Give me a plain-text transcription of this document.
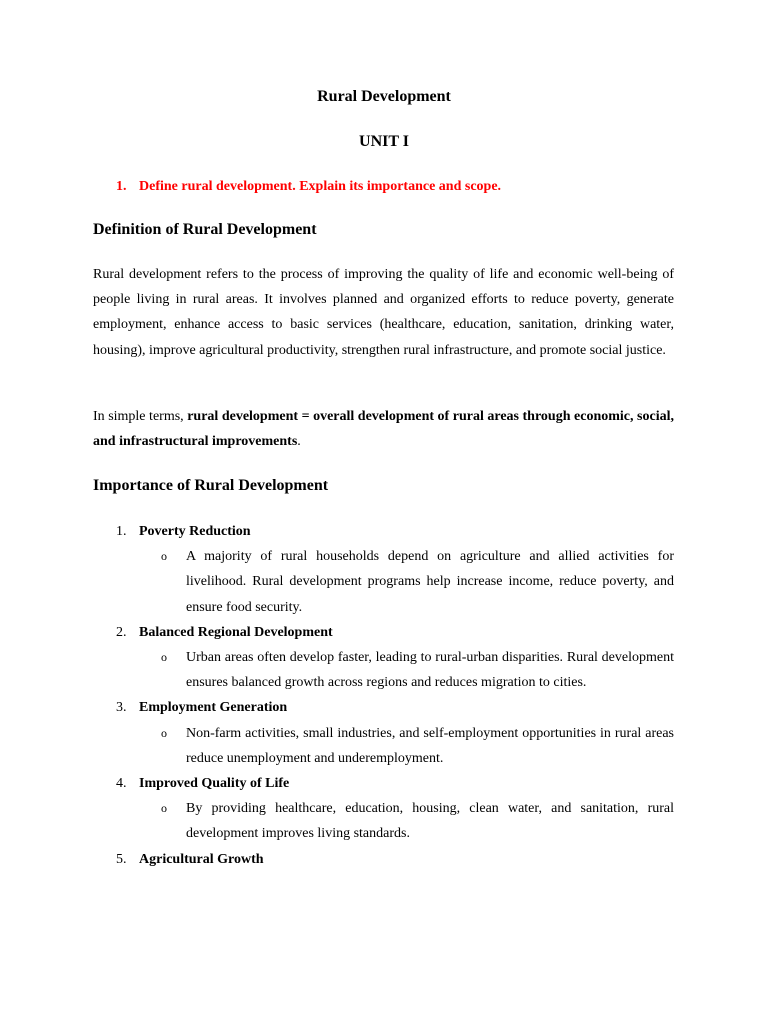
Rural Development

UNIT I

1. Define rural development. Explain its importance and scope.

Definition of Rural Development

Rural development refers to the process of improving the quality of life and economic well-being of people living in rural areas. It involves planned and organized efforts to reduce poverty, generate employment, enhance access to basic services (healthcare, education, sanitation, drinking water, housing), improve agricultural productivity, strengthen rural infrastructure, and promote social justice.

In simple terms, rural development = overall development of rural areas through economic, social, and infrastructural improvements.

Importance of Rural Development
1. Poverty Reduction
o A majority of rural households depend on agriculture and allied activities for livelihood. Rural development programs help increase income, reduce poverty, and ensure food security.
2. Balanced Regional Development
o Urban areas often develop faster, leading to rural-urban disparities. Rural development ensures balanced growth across regions and reduces migration to cities.
3. Employment Generation
o Non-farm activities, small industries, and self-employment opportunities in rural areas reduce unemployment and underemployment.
4. Improved Quality of Life
o By providing healthcare, education, housing, clean water, and sanitation, rural development improves living standards.
5. Agricultural Growth
